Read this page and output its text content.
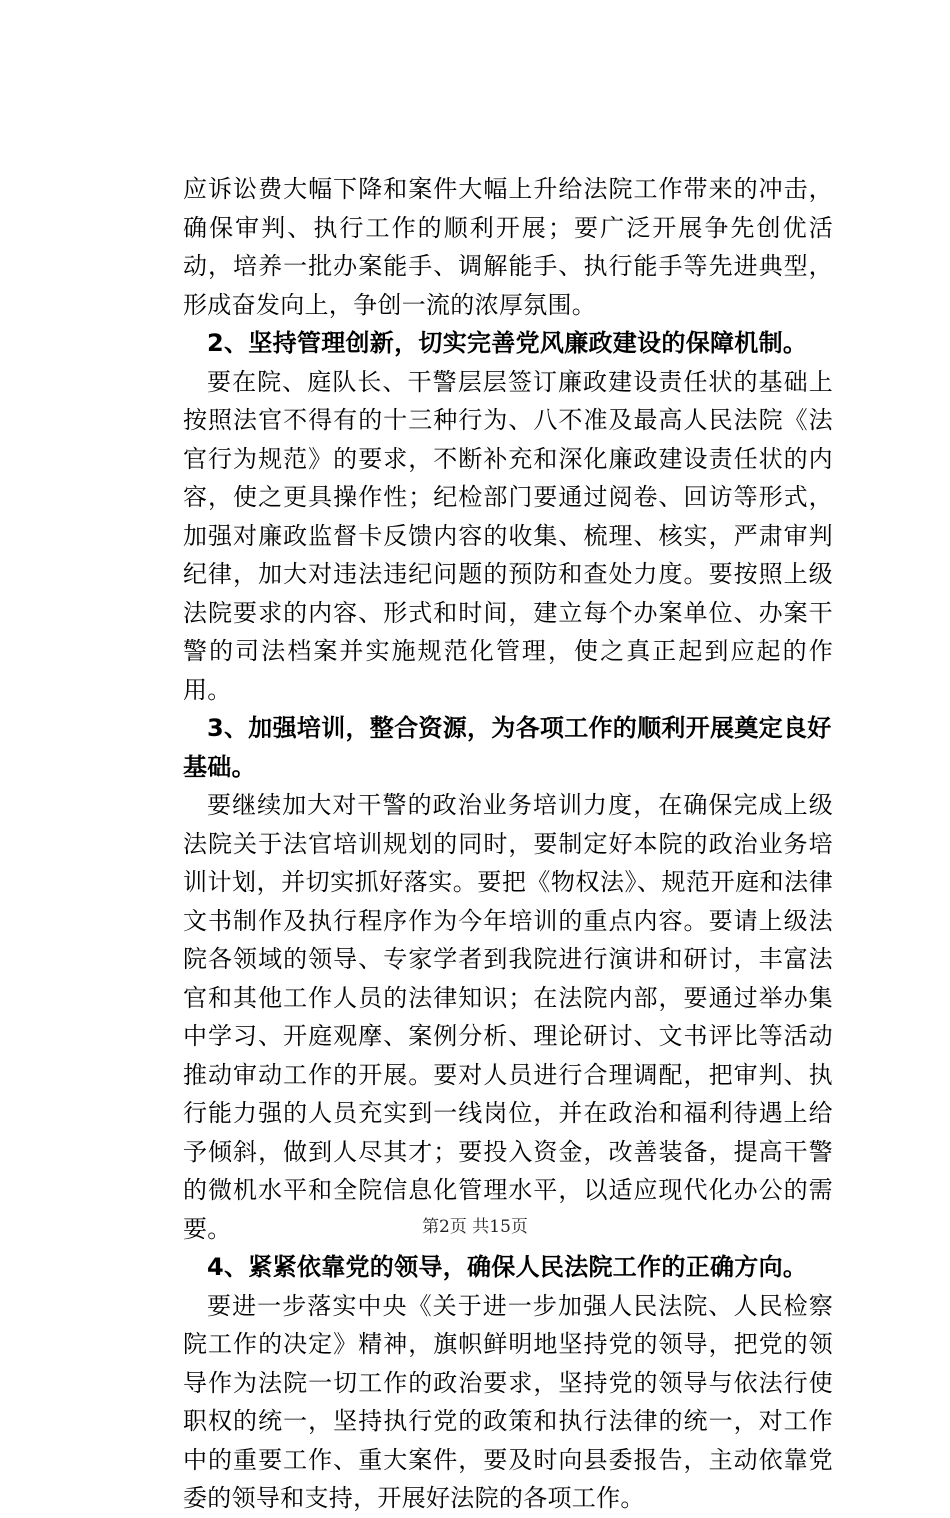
应诉讼费大幅下降和案件大幅上升给法院工作带来的冲击，确保审判、执行工作的顺利开展；要广泛开展争先创优活动，培养一批办案能手、调解能手、执行能手等先进典型，形成奋发向上，争创一流的浓厚氛围。

2、坚持管理创新，切实完善党风廉政建设的保障机制。

要在院、庭队长、干警层层签订廉政建设责任状的基础上按照法官不得有的十三种行为、八不准及最高人民法院《法官行为规范》的要求，不断补充和深化廉政建设责任状的内容，使之更具操作性；纪检部门要通过阅卷、回访等形式，加强对廉政监督卡反馈内容的收集、梳理、核实，严肃审判纪律，加大对违法违纪问题的预防和查处力度。要按照上级法院要求的内容、形式和时间，建立每个办案单位、办案干警的司法档案并实施规范化管理，使之真正起到应起的作用。

3、加强培训，整合资源，为各项工作的顺利开展奠定良好基础。

要继续加大对干警的政治业务培训力度，在确保完成上级法院关于法官培训规划的同时，要制定好本院的政治业务培训计划，并切实抓好落实。要把《物权法》、规范开庭和法律文书制作及执行程序作为今年培训的重点内容。要请上级法院各领域的领导、专家学者到我院进行演讲和研讨，丰富法官和其他工作人员的法律知识；在法院内部，要通过举办集中学习、开庭观摩、案例分析、理论研讨、文书评比等活动推动审动工作的开展。要对人员进行合理调配，把审判、执行能力强的人员充实到一线岗位，并在政治和福利待遇上给予倾斜，做到人尽其才；要投入资金，改善装备，提高干警的微机水平和全院信息化管理水平，以适应现代化办公的需要。

4、紧紧依靠党的领导，确保人民法院工作的正确方向。

要进一步落实中央《关于进一步加强人民法院、人民检察院工作的决定》精神，旗帜鲜明地坚持党的领导，把党的领导作为法院一切工作的政治要求，坚持党的领导与依法行使职权的统一，坚持执行党的政策和执行法律的统一，对工作中的重要工作、重大案件，要及时向县委报告，主动依靠党委的领导和支持，开展好法院的各项工作。

第2页 共15页
